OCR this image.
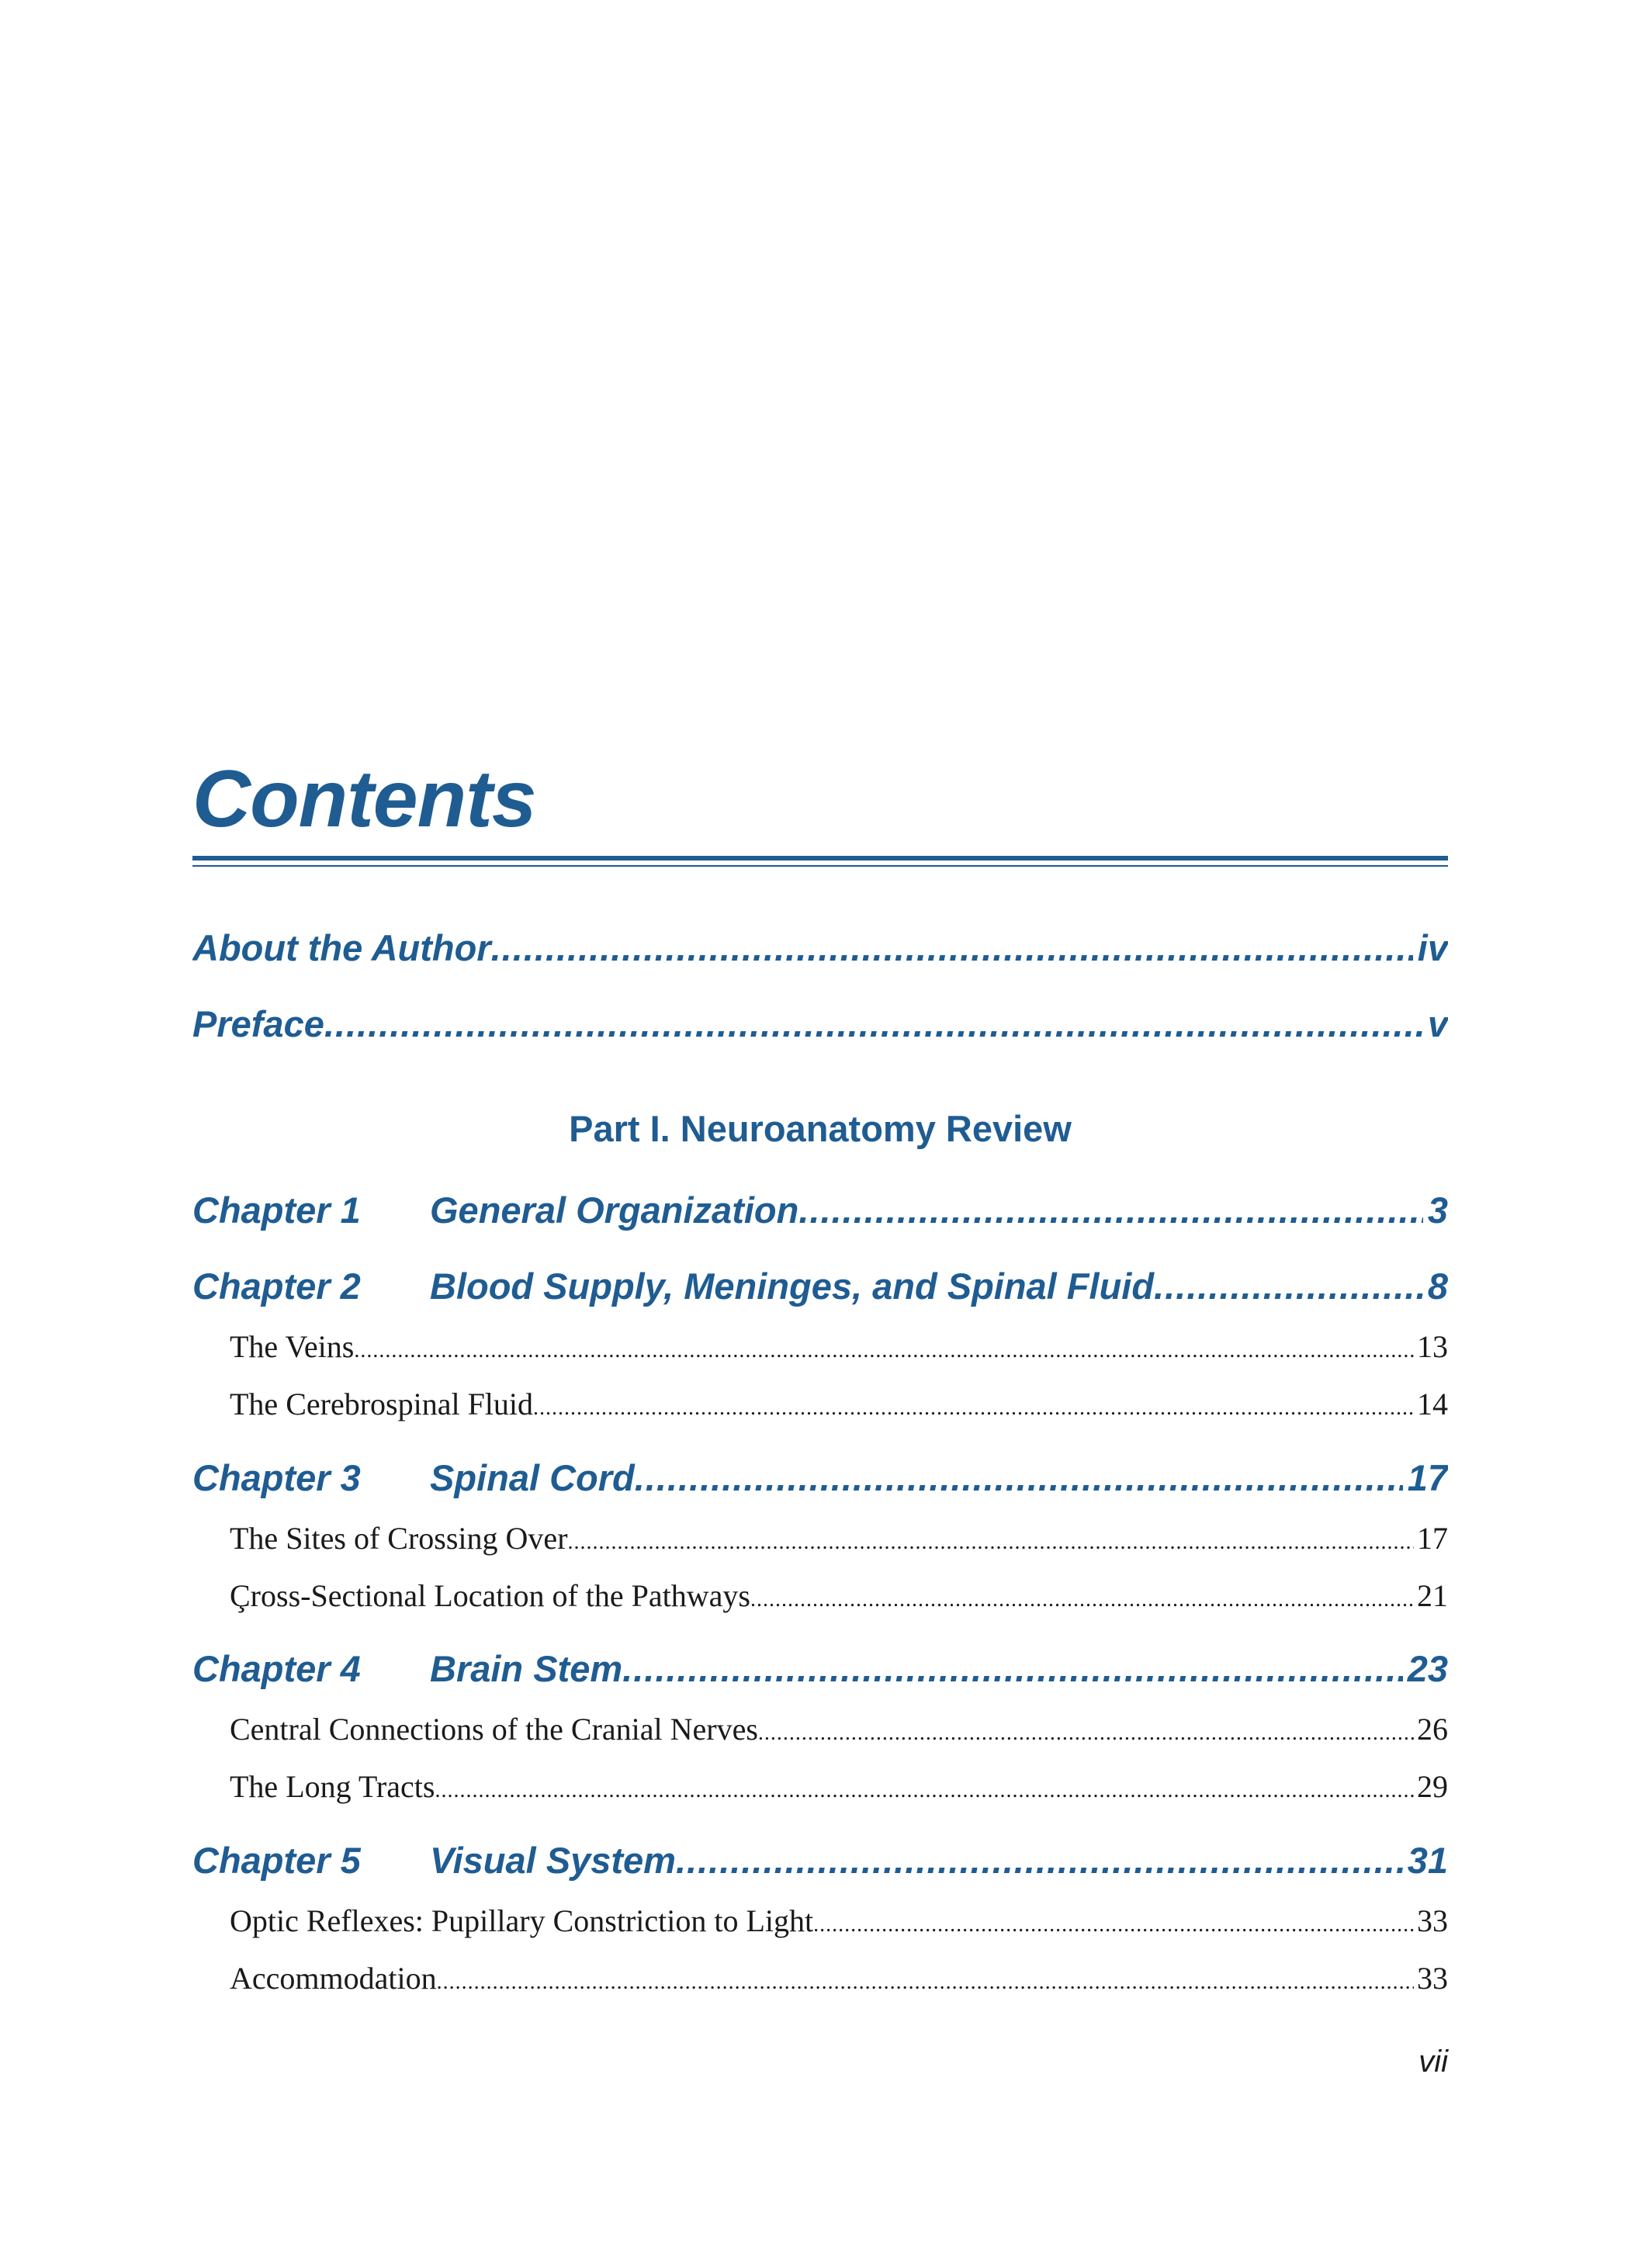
Contents
About the Author .....	iv
Preface .....	v
Part I. Neuroanatomy Review
Chapter 1	General Organization .....	3
Chapter 2	Blood Supply, Meninges, and Spinal Fluid .....	8
The Veins .....	13
The Cerebrospinal Fluid .....	14
Chapter 3	Spinal Cord .....	17
The Sites of Crossing Over .....	17
Çross-Sectional Location of the Pathways .....	21
Chapter 4	Brain Stem .....	23
Central Connections of the Cranial Nerves .....	26
The Long Tracts .....	29
Chapter 5	Visual System .....	31
Optic Reflexes: Pupillary Constriction to Light .....	33
Accommodation .....	33
vii
